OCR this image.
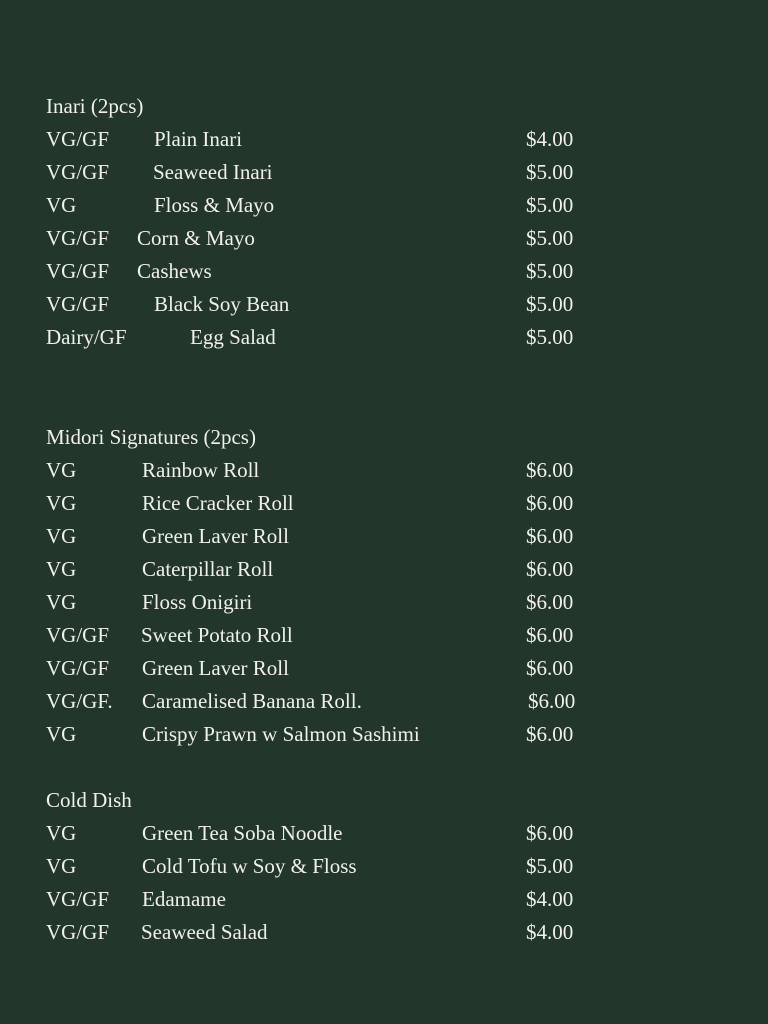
Inari (2pcs)
VG/GF Plain Inari	$4.00
VG/GF Seaweed Inari	$5.00
VG	Floss & Mayo	$5.00
VG/GF Corn & Mayo	$5.00
VG/GF Cashews	$5.00
VG/GF Black Soy Bean	$5.00
Dairy/GF	Egg Salad	$5.00
Midori Signatures (2pcs)
VG	Rainbow Roll	$6.00
VG	Rice Cracker Roll	$6.00
VG	Green Laver Roll	$6.00
VG	Caterpillar Roll	$6.00
VG	Floss Onigiri	$6.00
VG/GF Sweet Potato Roll	$6.00
VG/GF Green Laver Roll	$6.00
VG/GF. Caramelised Banana Roll.	$6.00
VG	Crispy Prawn w Salmon Sashimi	$6.00
Cold Dish
VG	Green Tea Soba Noodle	$6.00
VG	Cold Tofu w Soy & Floss	$5.00
VG/GF Edamame	$4.00
VG/GF Seaweed Salad	$4.00
